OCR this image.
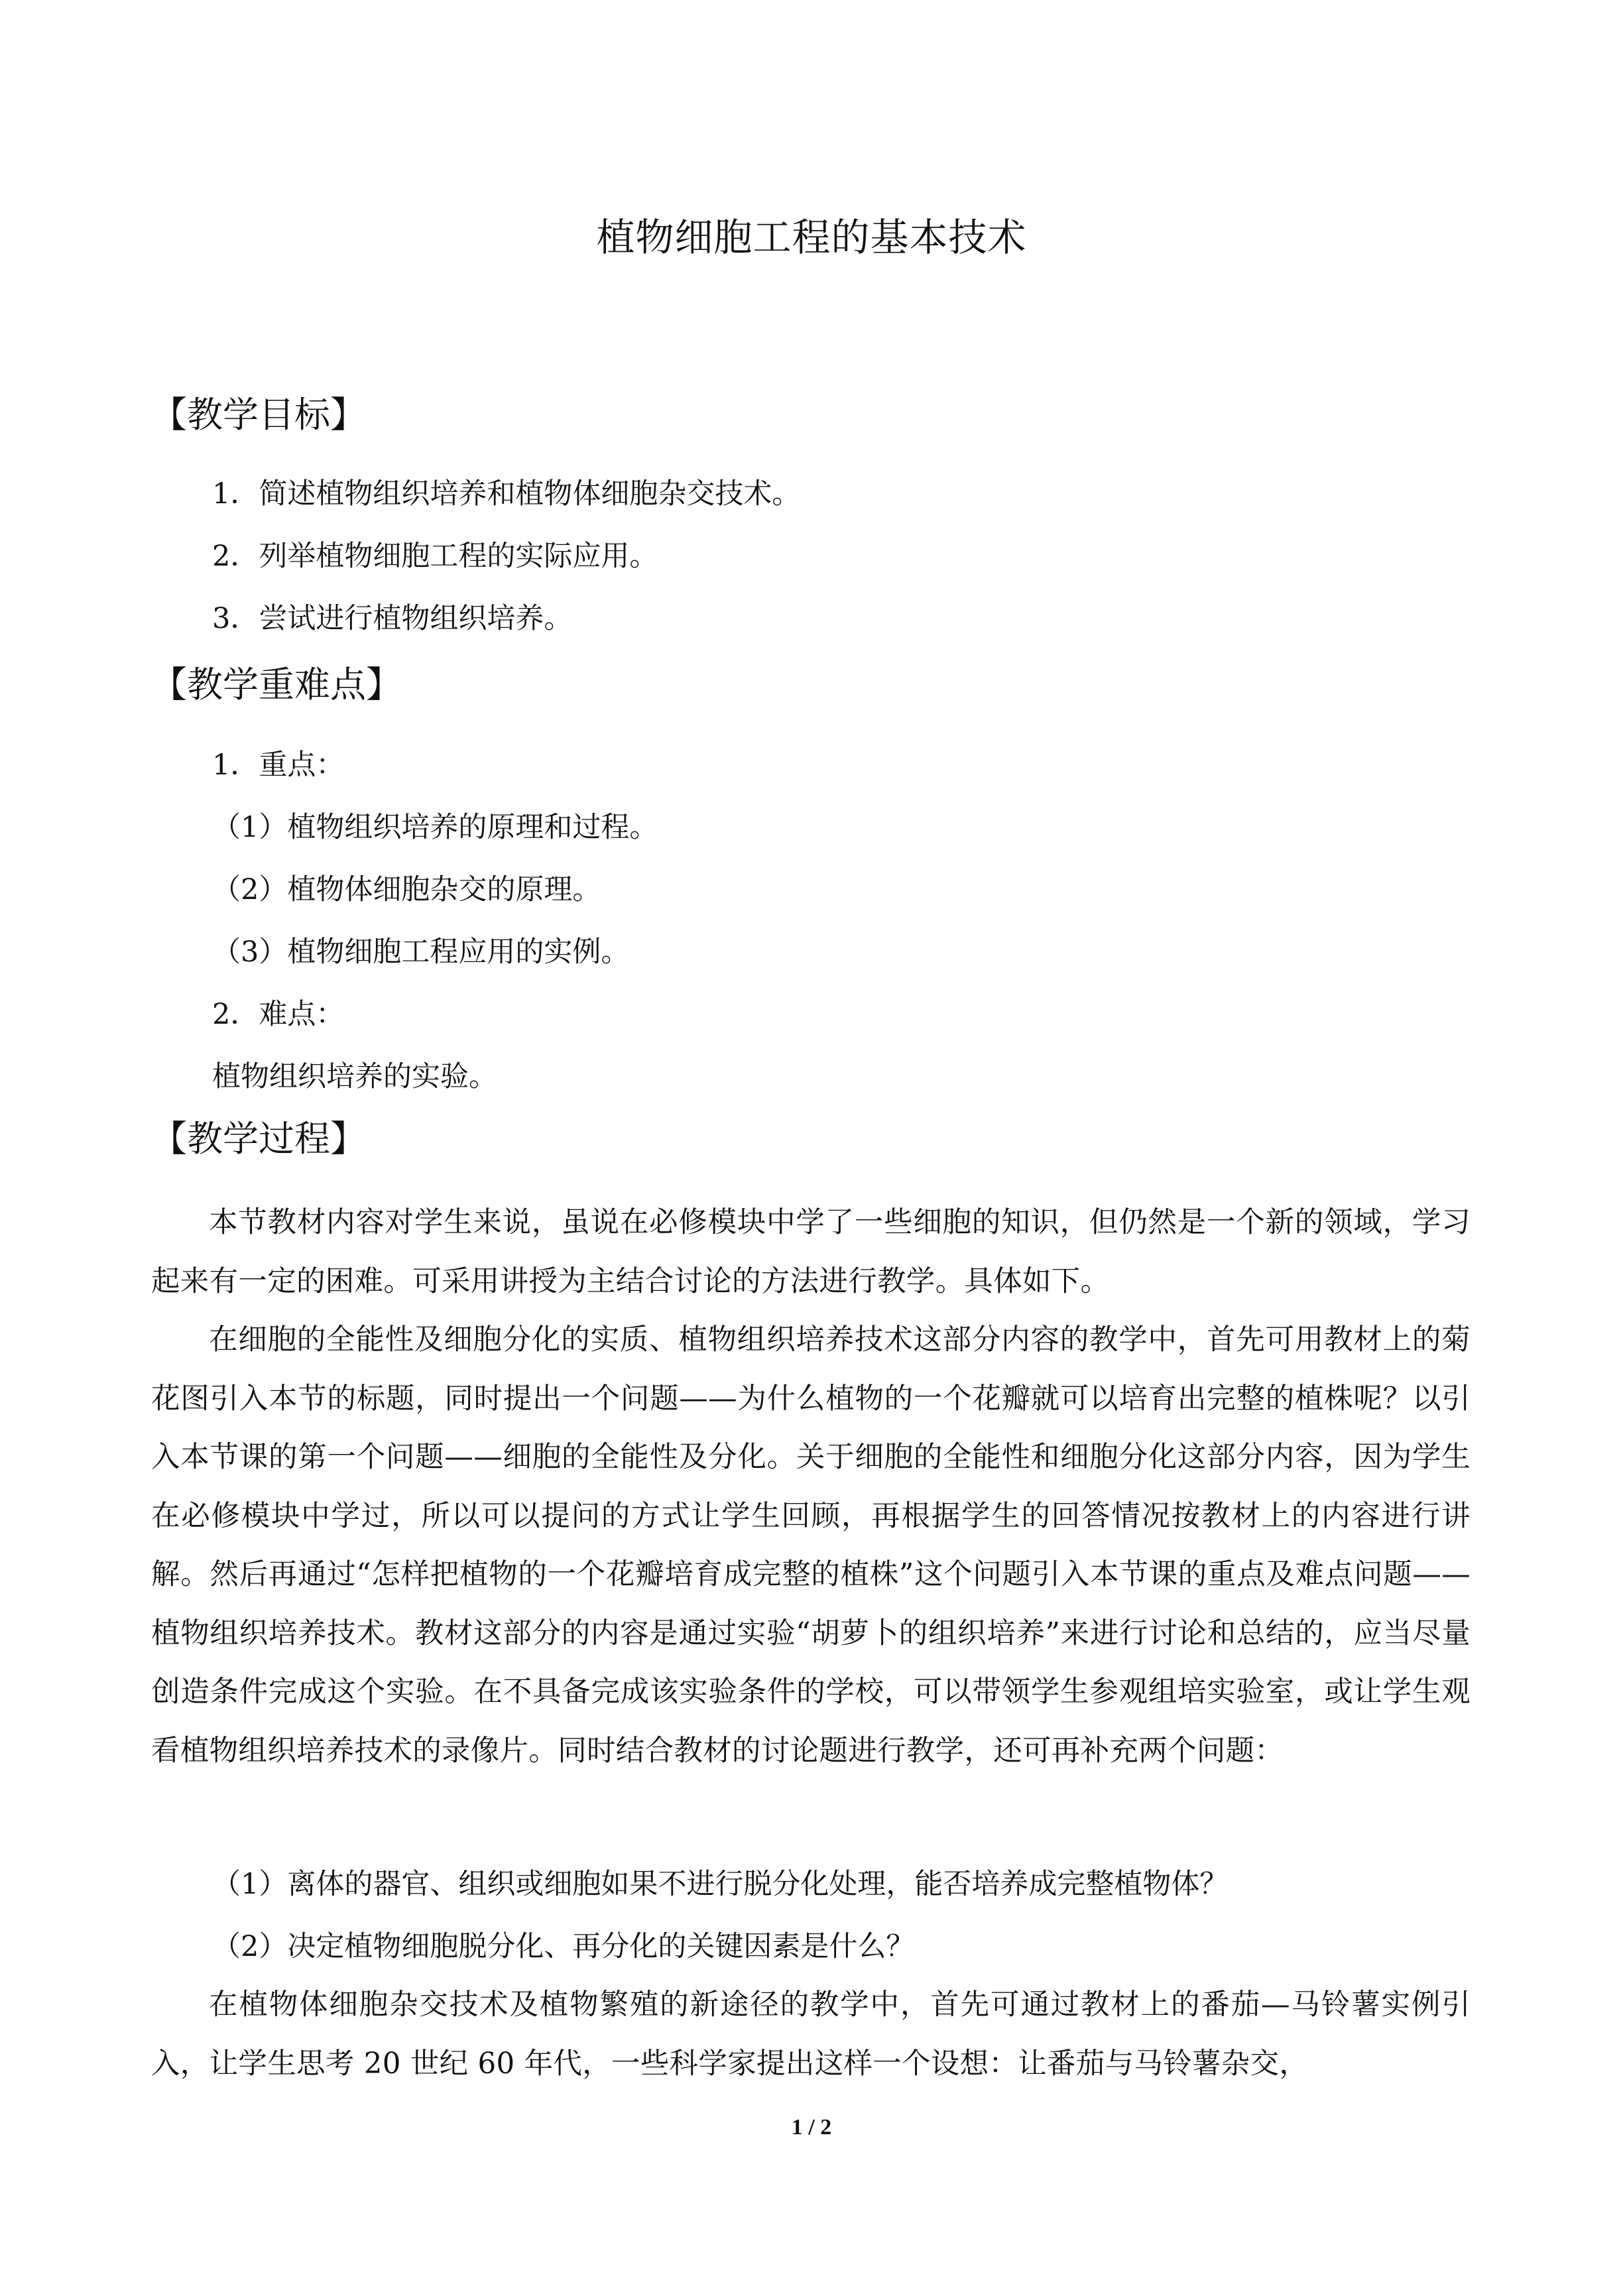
植物细胞工程的基本技术
【教学目标】
1．简述植物组织培养和植物体细胞杂交技术。
2．列举植物细胞工程的实际应用。
3．尝试进行植物组织培养。
【教学重难点】
1．重点：
（1）植物组织培养的原理和过程。
（2）植物体细胞杂交的原理。
（3）植物细胞工程应用的实例。
2．难点：
植物组织培养的实验。
【教学过程】
本节教材内容对学生来说，虽说在必修模块中学了一些细胞的知识，但仍然是一个新的领域，学习起来有一定的困难。可采用讲授为主结合讨论的方法进行教学。具体如下。
在细胞的全能性及细胞分化的实质、植物组织培养技术这部分内容的教学中，首先可用教材上的菊花图引入本节的标题，同时提出一个问题——为什么植物的一个花瓣就可以培育出完整的植株呢？以引入本节课的第一个问题——细胞的全能性及分化。关于细胞的全能性和细胞分化这部分内容，因为学生在必修模块中学过，所以可以提问的方式让学生回顾，再根据学生的回答情况按教材上的内容进行讲解。然后再通过“怎样把植物的一个花瓣培育成完整的植株”这个问题引入本节课的重点及难点问题——植物组织培养技术。教材这部分的内容是通过实验“胡萝卜的组织培养”来进行讨论和总结的，应当尽量创造条件完成这个实验。在不具备完成该实验条件的学校，可以带领学生参观组培实验室，或让学生观看植物组织培养技术的录像片。同时结合教材的讨论题进行教学，还可再补充两个问题：
（1）离体的器官、组织或细胞如果不进行脱分化处理，能否培养成完整植物体？
（2）决定植物细胞脱分化、再分化的关键因素是什么？
在植物体细胞杂交技术及植物繁殖的新途径的教学中，首先可通过教材上的番茄—马铃薯实例引入，让学生思考 20 世纪 60 年代，一些科学家提出这样一个设想：让番茄与马铃薯杂交，
1 / 2
